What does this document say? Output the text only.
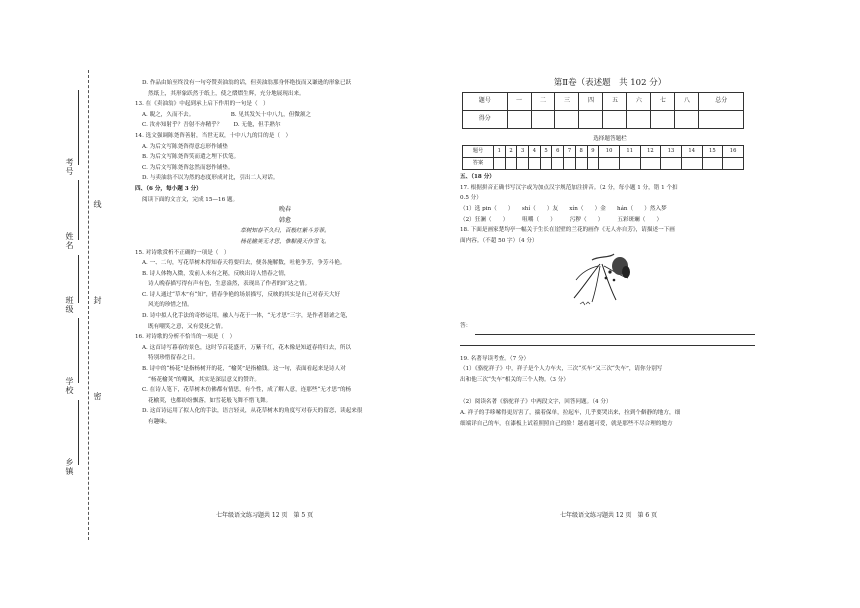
考号
姓名
班级
学校
乡镇
线
封
密

D. 作品由始至终没有一句夸赞卖油翁的话，但卖油翁那身怀绝技而又谦逊的形象已跃

然纸上，其形象跃然于纸上，使之熠熠生辉，充分地展现出来。

13. 在《卖油翁》中起到承上启下作用的一句是（　）

A. 睨之，久而不去。　　　　　　　B. 见其发矢十中八九，但微颔之

C. 汝亦知射乎？吾射不亦精乎？　　D. 无他，但手熟尔

14. 选文强调陈尧咨善射，当世无双，十中八九的目的是（　）

A. 为后文写陈尧咨得意忘形作铺垫

B. 为后文写陈尧咨笑而遣之埋下伏笔。

C. 为后文写陈尧咨忿然而怒作铺垫。

D. 与卖油翁不以为然的态度形成对比，引出二人对话。

四、（6 分，每小题 3 分）

阅读下面的文言文，完成 15—16 题。

晚春

韩愈

草树知春不久归，百般红紫斗芳菲。

杨花榆荚无才思，惟解漫天作雪飞。

15. 对诗歌赏析不正确的一项是（　）

A. 一、二句，写花草树木得知春天将要归去，便各施解数，吐艳争芳，争芳斗艳。

B. 诗人体物入微，发前人未有之秘，反映出诗人惜春之情，

诗人晚春描写得有声有色，生意盎然，表现出了作者的旷达之情。

C. 诗人通过“草木”有“知”，借春争艳的场景描写，反映的其实是自己对春天大好

风光的珍惜之情。

D. 诗中拟人化手法的奇妙运用，融人与花于一体，“无才思”三字，是作者谐谑之笔，

既有嘲笑之意，又有爱抚之情。

16. 对诗歌的分析不恰当的一项是（　）

A. 这首诗写暮春的景色，这时节百花盛开，万紫千红，花木像是知道春将归去，所以

特别珍惜留春之日。

B. 诗中的“杨花”是指杨树开的花，“榆荚”是指榆钱。这一句，表面看起来是诗人对

“杨花榆荚”的嘲讽，其实是深层意义的赞许。

C. 在诗人笔下，花草树木仿佛都有情思，有个性，成了解人意，连那些“无才思”的杨

花榆荚，也都纷纷飘落，如雪花般飞舞不惜飞舞。

D. 这首诗运用了拟人化的手法，语言轻灵，从花草树木的角度写对春天的留恋，读起来很

有趣味。

七年级语文练习题共 12 页　第 5 页

第Ⅱ卷（表述题　共 102 分）

题号	一	二	三	四	五	六	七	八	总分
得分									

选择题答题栏

题号	1	2	3	4	5	6	7	8	9	10	11	12	13	14	15	16
答案																

五、（18 分）

17. 根据拼音正确书写汉字或为加点汉字规范加注拼音。（2 分，每小题 1 分，错 1 个扣

0.5 分）

（1）选 pin（　　）　　shí（　　）友　　xín（　　）金　　hán（　　）然入梦

（2）狂澜（　　）　　　咀嚼（　　）　　　污秽（　　）　　　五彩斑斓（　　）

18. 下面是画家楚均亭一幅关于生长在崖壁的兰花的画作《无人亦自芳》，请描述一下画

面内容。（不超 50 字）（4 分）

答：

19. 名著导读考查。（7 分）

（1）《骆驼祥子》中，祥子是个人力车夫，三次“买车”又三次“失车”，请你分别写

出和他三次“失车”相关的三个人物。（3 分）

（2）阅读名著《骆驼祥子》中两段文字，回答问题。（4 分）

A. 祥子的手哆嗦得更厉害了，揣着保单，拉起车，几乎要哭出来，拉到个僻静的地方，细

细端详自己的车，在漆板上试着照照自己的脸！越看越可爱，就是那些不尽合理的地方

七年级语文练习题共 12 页　第 6 页
